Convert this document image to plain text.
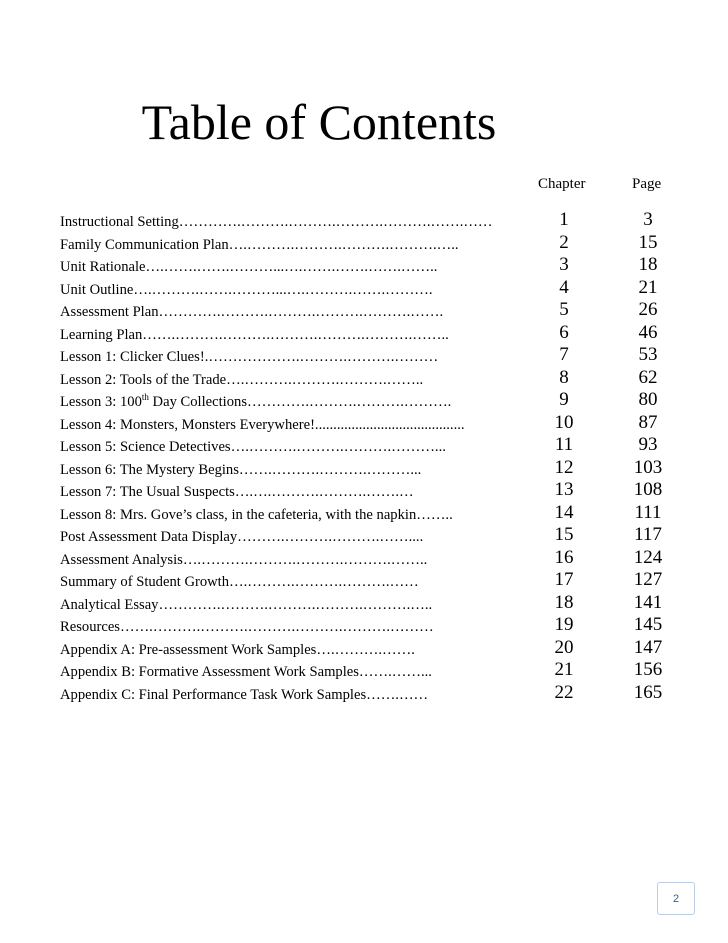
Table of Contents
Chapter	Page
Instructional Setting………….……….……….……….……….…….……	1	3
Family Communication Plan….……….……….……….……….…..	2	15
Unit Rationale….…….…….………...….…….…….…….……..	3	18
Unit Outline….……….…….………...….……….…….……….	4	21
Assessment Plan………….……….……….……….……….…….	5	26
Learning Plan…….……….……….……….……….……….……..	6	46
Lesson 1: Clicker Clues!.……………….……….……….………	7	53
Lesson 2: Tools of the Trade….……….……….……….……..	8	62
Lesson 3: 100th Day Collections………….……….……….……….	9	80
Lesson 4: Monsters, Monsters Everywhere!.........................................	10	87
Lesson 5: Science Detectives….……….……….……….………...	11	93
Lesson 6: The Mystery Begins…….……….……….………...	12	103
Lesson 7: The Usual Suspects….….……….……….…….…	13	108
Lesson 8: Mrs. Gove’s class, in the cafeteria, with the napkin……..	14	111
Post Assessment Data Display……….……….……….……....	15	117
Assessment Analysis….……….……….……….……….……..	16	124
Summary of Student Growth….……….……….……….……	17	127
Analytical Essay………….……….……….……….……….…..	18	141
Resources…….……….……….……….……….……….………	19	145
Appendix A: Pre-assessment Work Samples….……….…….	20	147
Appendix B: Formative Assessment Work Samples…….……...	21	156
Appendix C: Final Performance Task Work Samples…….……	22	165
2
